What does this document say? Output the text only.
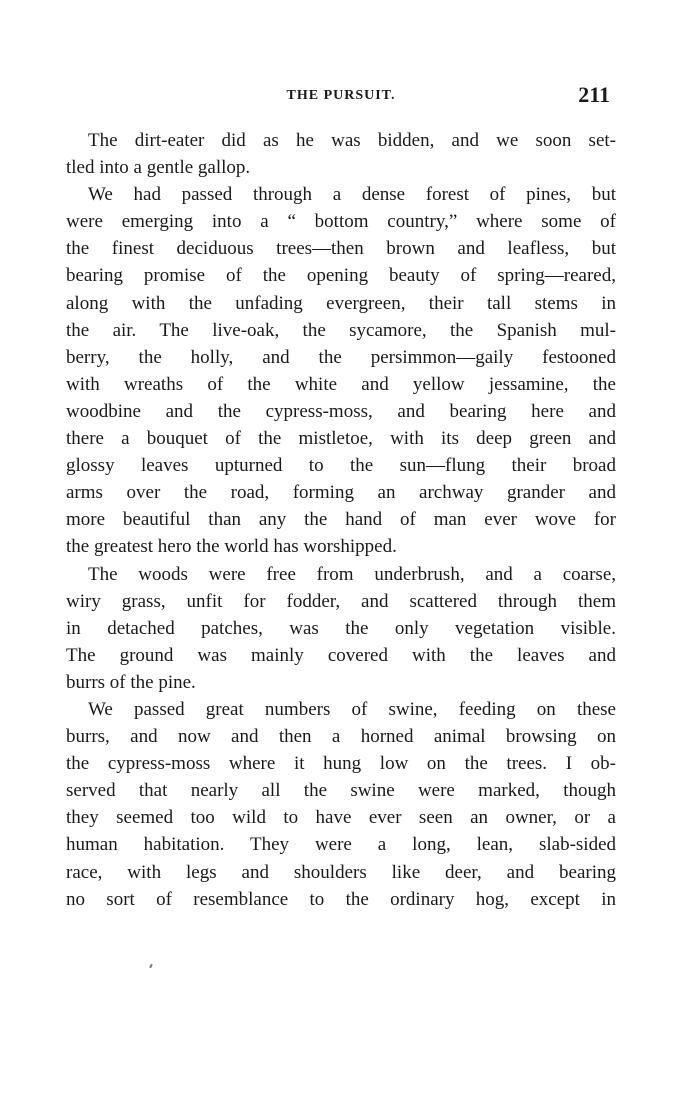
THE PURSUIT.	211
The dirt-eater did as he was bidden, and we soon set-
tled into a gentle gallop.
We had passed through a dense forest of pines, but
were emerging into a “ bottom country,” where some of
the finest deciduous trees—then brown and leafless, but
bearing promise of the opening beauty of spring—reared,
along with the unfading evergreen, their tall stems in
the air. The live-oak, the sycamore, the Spanish mul-
berry, the holly, and the persimmon—gaily festooned
with wreaths of the white and yellow jessamine, the
woodbine and the cypress-moss, and bearing here and
there a bouquet of the mistletoe, with its deep green and
glossy leaves upturned to the sun—flung their broad
arms over the road, forming an archway grander and
more beautiful than any the hand of man ever wove for
the greatest hero the world has worshipped.
The woods were free from underbrush, and a coarse,
wiry grass, unfit for fodder, and scattered through them
in detached patches, was the only vegetation visible.
The ground was mainly covered with the leaves and
burrs of the pine.
We passed great numbers of swine, feeding on these
burrs, and now and then a horned animal browsing on
the cypress-moss where it hung low on the trees. I ob-
served that nearly all the swine were marked, though
they seemed too wild to have ever seen an owner, or a
human habitation. They were a long, lean, slab-sided
race, with legs and shoulders like deer, and bearing
no sort of resemblance to the ordinary hog, except in
